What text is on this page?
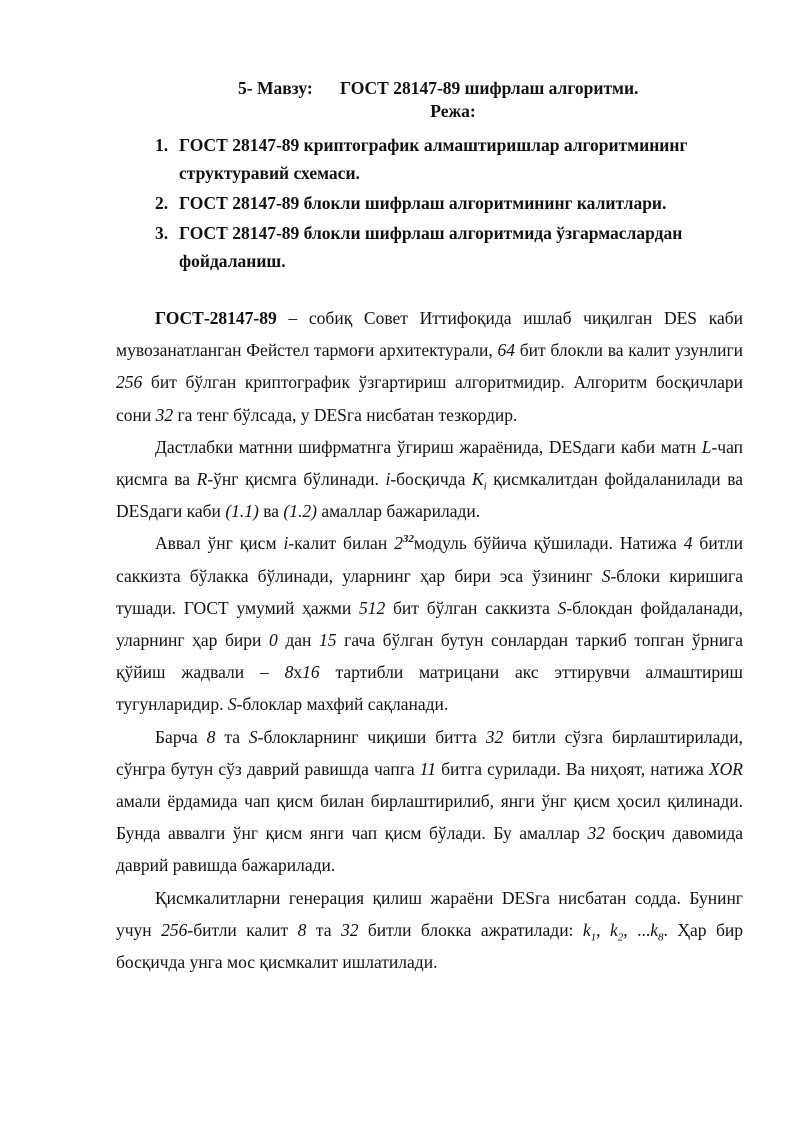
5- Мавзу: ГОСТ 28147-89 шифрлаш алгоритми.
Режа:
1. ГОСТ 28147-89 криптографик алмаштиришлар алгоритмининг структуравий схемаси.
2. ГОСТ 28147-89 блокли шифрлаш алгоритмининг калитлари.
3. ГОСТ 28147-89 блокли шифрлаш алгоритмида ўзгармаслардан фойдаланиш.

ГОСТ-28147-89 – собиқ Совет Иттифоқида ишлаб чиқилган DES каби мувозанатланган Фейстел тармоғи архитектурали, 64 бит блокли ва калит узунлиги 256 бит бўлган криптографик ўзгартириш алгоритмидир. Алгоритм босқичлари сони 32 га тенг бўлсада, у DESга нисбатан тезкордир.

Дастлабки матнни шифрматнга ўгириш жараёнида, DESдаги каби матн L-чап қисмга ва R-ўнг қисмга бўлинади. i-босқичда $K_i$ қисмкалитдан фойдаланилади ва DESдаги каби (1.1) ва (1.2) амаллар бажарилади.

Аввал ўнг қисм i-калит билан $2^{32}модуль$ бўйича қўшилади. Натижа 4 битли саккизта бўлакка бўлинади, уларнинг ҳар бири эса ўзининг S-блоки киришига тушади. ГОСТ умумий ҳажми 512 бит бўлган саккизта S-блокдан фойдаланади, уларнинг ҳар бири 0 дан 15 гача бўлган бутун сонлардан таркиб топган ўрнига қўйиш жадвали – 8х16 тартибли матрицани акс эттирувчи алмаштириш тугунларидир. S-блоклар махфий сақланади.

Барча 8 та S-блокларнинг чиқиши битта 32 битли сўзга бирлаштирилади, сўнгра бутун сўз даврий равишда чапга 11 битга сурилади. Ва ниҳоят, натижа XOR амали ёрдамида чап қисм билан бирлаштирилиб, янги ўнг қисм ҳосил қилинади. Бунда аввалги ўнг қисм янги чап қисм бўлади. Бу амаллар 32 босқич давомида даврий равишда бажарилади.

Қисмкалитларни генерация қилиш жараёни DESга нисбатан содда. Бунинг учун 256-битли калит 8 та 32 битли блокка ажратилади: $k_1$, $k_2$, $...k_8$. Ҳар бир босқичда унга мос қисмкалит ишлатилади.
